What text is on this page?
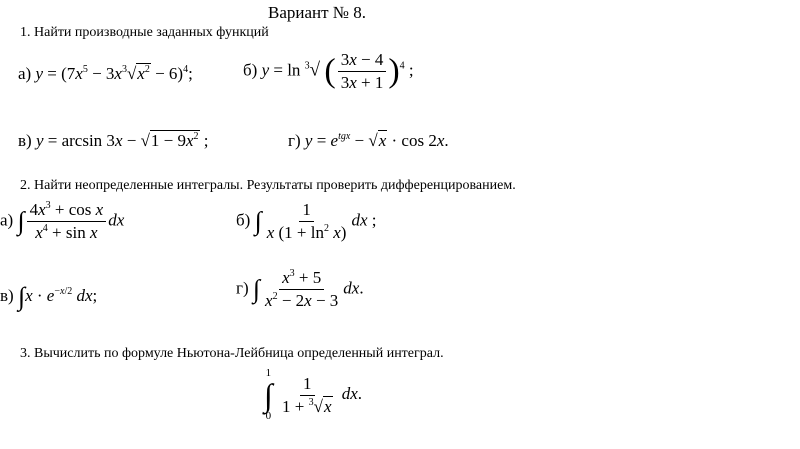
Вариант № 8.
1. Найти производные заданных функций
а) $y = (7x^5 - 3x^3√x^2 - 6)^4$;	б) y = ln $^3$√ ( $\frac{3x - 4}{3x + 1} )^4$ ;
в) $y = \arcsin 3x - √1 - 9x^2$ ;	г) $y = e^{tgx} - √x \cdot \cos 2x$.
2. Найти неопределенные интегралы. Результаты проверить дифференцированием.
а) ∫ $\frac{4x^3 + \cos x}{x^4 + \sin x}$ dx	б) ∫ $\frac{1}{x (1 + \ln^2 x)}$ dx ;
в) $\int x \cdot e^{-x/2}$ dx;	г) ∫ $\frac{x^3 + 5}{x^2 - 2x - 3}$ dx.
3. Вычислить по формуле Ньютона-Лейбница определенный интеграл.
1
∫
0
$\frac{1}{1 + ^3√x}$ dx.
